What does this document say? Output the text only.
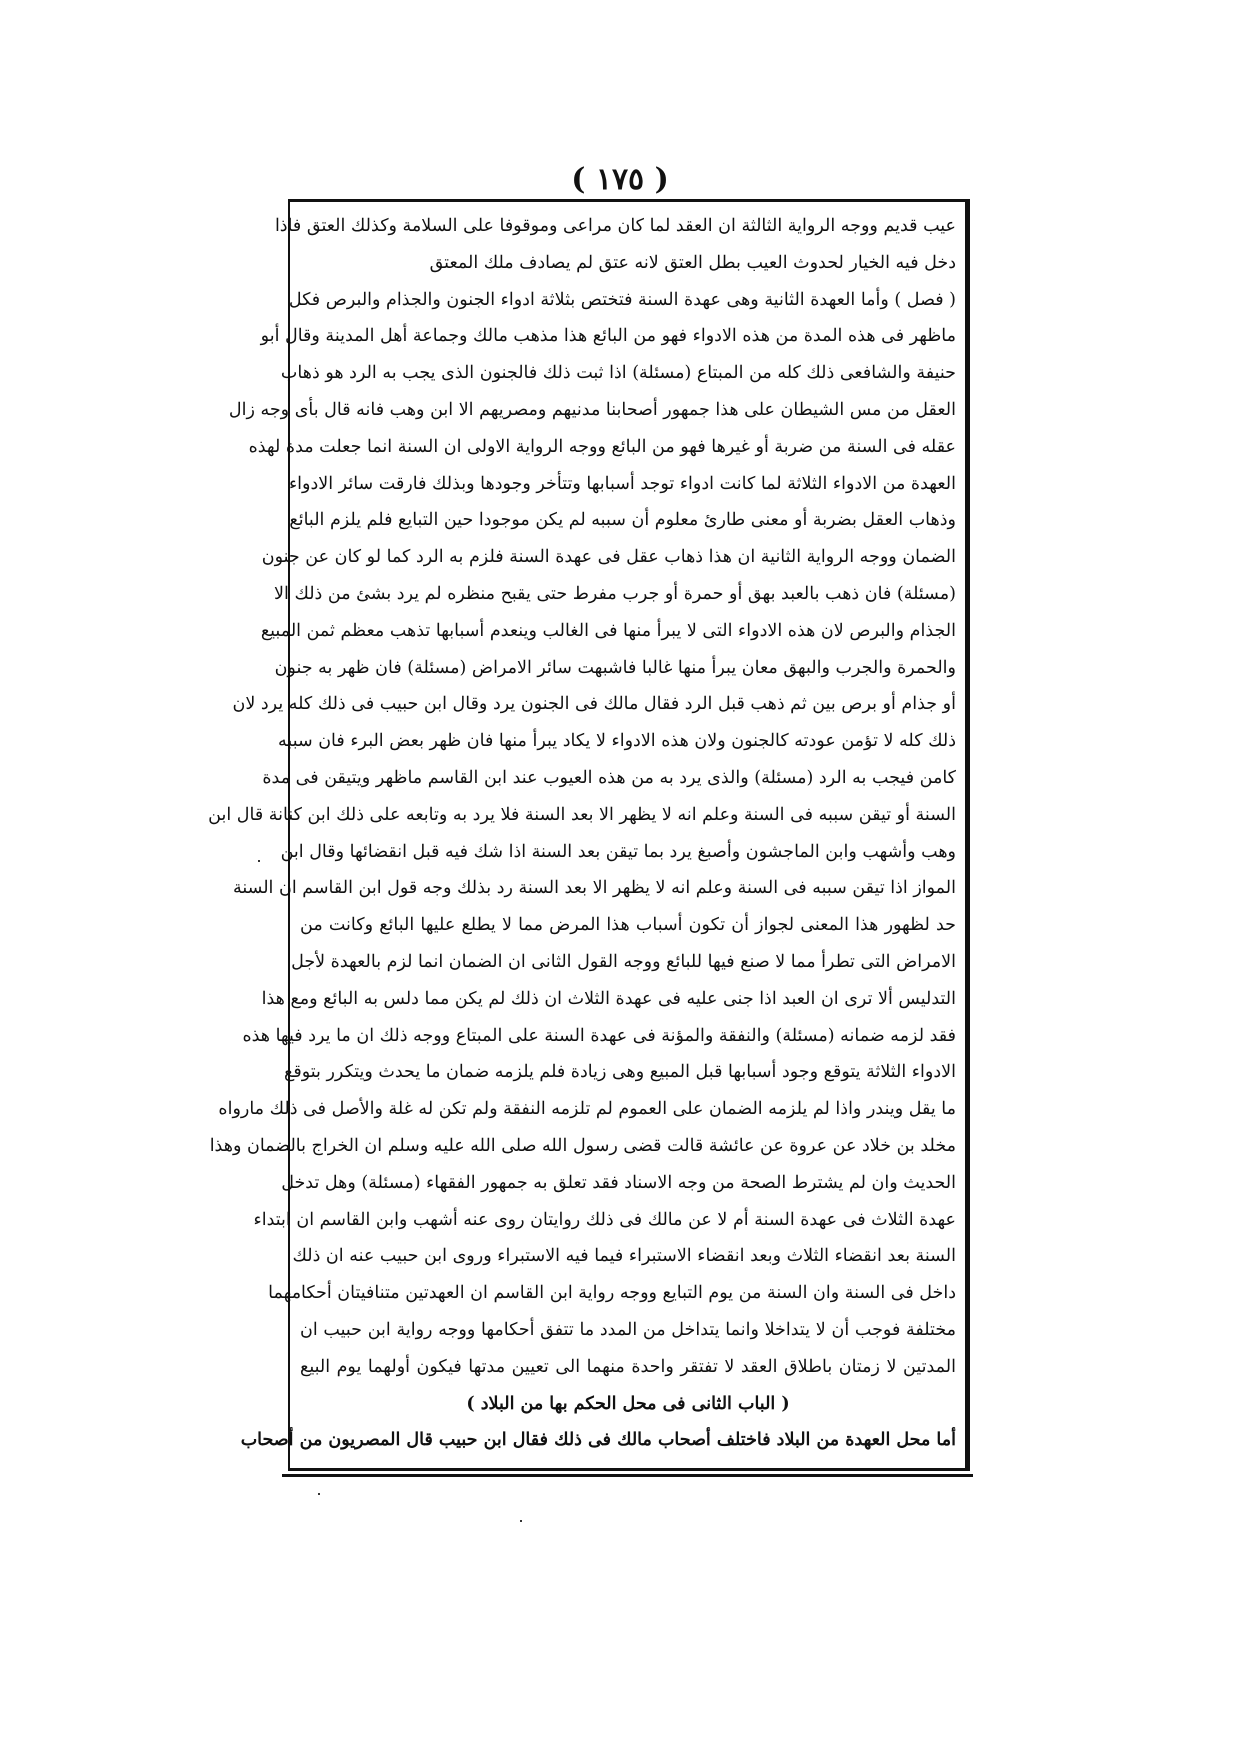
( ١٧٥ )
عيب قديم ووجه الرواية الثالثة ان العقد لما كان مراعى وموقوفا على السلامة وكذلك العتق فاذا
دخل فيه الخيار لحدوث العيب بطل العتق لانه عتق لم يصادف ملك المعتق
( فصل ) وأما العهدة الثانية وهى عهدة السنة فتختص بثلاثة ادواء الجنون والجذام والبرص فكل
ماظهر فى هذه المدة من هذه الادواء فهو من البائع هذا مذهب مالك وجماعة أهل المدينة وقال أبو
حنيفة والشافعى ذلك كله من المبتاع (مسئلة) اذا ثبت ذلك فالجنون الذى يجب به الرد هو ذهاب
العقل من مس الشيطان على هذا جمهور أصحابنا مدنيهم ومصريهم الا ابن وهب فانه قال بأى وجه زال
عقله فى السنة من ضربة أو غيرها فهو من البائع ووجه الرواية الاولى ان السنة انما جعلت مدة لهذه
العهدة من الادواء الثلاثة لما كانت ادواء توجد أسبابها وتتأخر وجودها وبذلك فارقت سائر الادواء
وذهاب العقل بضربة أو معنى طارئ معلوم أن سببه لم يكن موجودا حين التبايع فلم يلزم البائع
الضمان ووجه الرواية الثانية ان هذا ذهاب عقل فى عهدة السنة فلزم به الرد كما لو كان عن جنون
(مسئلة) فان ذهب بالعبد بهق أو حمرة أو جرب مفرط حتى يقبح منظره لم يرد بشئ من ذلك الا
الجذام والبرص لان هذه الادواء التى لا يبرأ منها فى الغالب وينعدم أسبابها تذهب معظم ثمن المبيع
والحمرة والجرب والبهق معان يبرأ منها غالبا فاشبهت سائر الامراض (مسئلة) فان ظهر به جنون
أو جذام أو برص بين ثم ذهب قبل الرد فقال مالك فى الجنون يرد وقال ابن حبيب فى ذلك كله يرد لان
ذلك كله لا تؤمن عودته كالجنون ولان هذه الادواء لا يكاد يبرأ منها فان ظهر بعض البرء فان سببه
كامن فيجب به الرد (مسئلة) والذى يرد به من هذه العيوب عند ابن القاسم ماظهر ويتيقن فى مدة
السنة أو تيقن سببه فى السنة وعلم انه لا يظهر الا بعد السنة فلا يرد به وتابعه على ذلك ابن كنانة قال ابن
وهب وأشهب وابن الماجشون وأصبغ يرد بما تيقن بعد السنة اذا شك فيه قبل انقضائها وقال ابن
المواز اذا تيقن سببه فى السنة وعلم انه لا يظهر الا بعد السنة رد بذلك وجه قول ابن القاسم ان السنة
حد لظهور هذا المعنى لجواز أن تكون أسباب هذا المرض مما لا يطلع عليها البائع وكانت من
الامراض التى تطرأ مما لا صنع فيها للبائع ووجه القول الثانى ان الضمان انما لزم بالعهدة لأجل
التدليس ألا ترى ان العبد اذا جنى عليه فى عهدة الثلاث ان ذلك لم يكن مما دلس به البائع ومع هذا
فقد لزمه ضمانه (مسئلة) والنفقة والمؤنة فى عهدة السنة على المبتاع ووجه ذلك ان ما يرد فيها هذه
الادواء الثلاثة يتوقع وجود أسبابها قبل المبيع وهى زيادة فلم يلزمه ضمان ما يحدث ويتكرر بتوقع
ما يقل ويندر واذا لم يلزمه الضمان على العموم لم تلزمه النفقة ولم تكن له غلة والأصل فى ذلك مارواه
مخلد بن خلاد عن عروة عن عائشة قالت قضى رسول الله صلى الله عليه وسلم ان الخراج بالضمان وهذا
الحديث وان لم يشترط الصحة من وجه الاسناد فقد تعلق به جمهور الفقهاء (مسئلة) وهل تدخل
عهدة الثلاث فى عهدة السنة أم لا عن مالك فى ذلك روايتان روى عنه أشهب وابن القاسم ان ابتداء
السنة بعد انقضاء الثلاث وبعد انقضاء الاستبراء فيما فيه الاستبراء وروى ابن حبيب عنه ان ذلك
داخل فى السنة وان السنة من يوم التبايع ووجه رواية ابن القاسم ان العهدتين متنافيتان أحكامهما
مختلفة فوجب أن لا يتداخلا وانما يتداخل من المدد ما تتفق أحكامها ووجه رواية ابن حبيب ان
المدتين لا زمتان باطلاق العقد لا تفتقر واحدة منهما الى تعيين مدتها فيكون أولهما يوم البيع
( الباب الثانى فى محل الحكم بها من البلاد )
أما محل العهدة من البلاد فاختلف أصحاب مالك فى ذلك فقال ابن حبيب قال المصريون من أصحاب
